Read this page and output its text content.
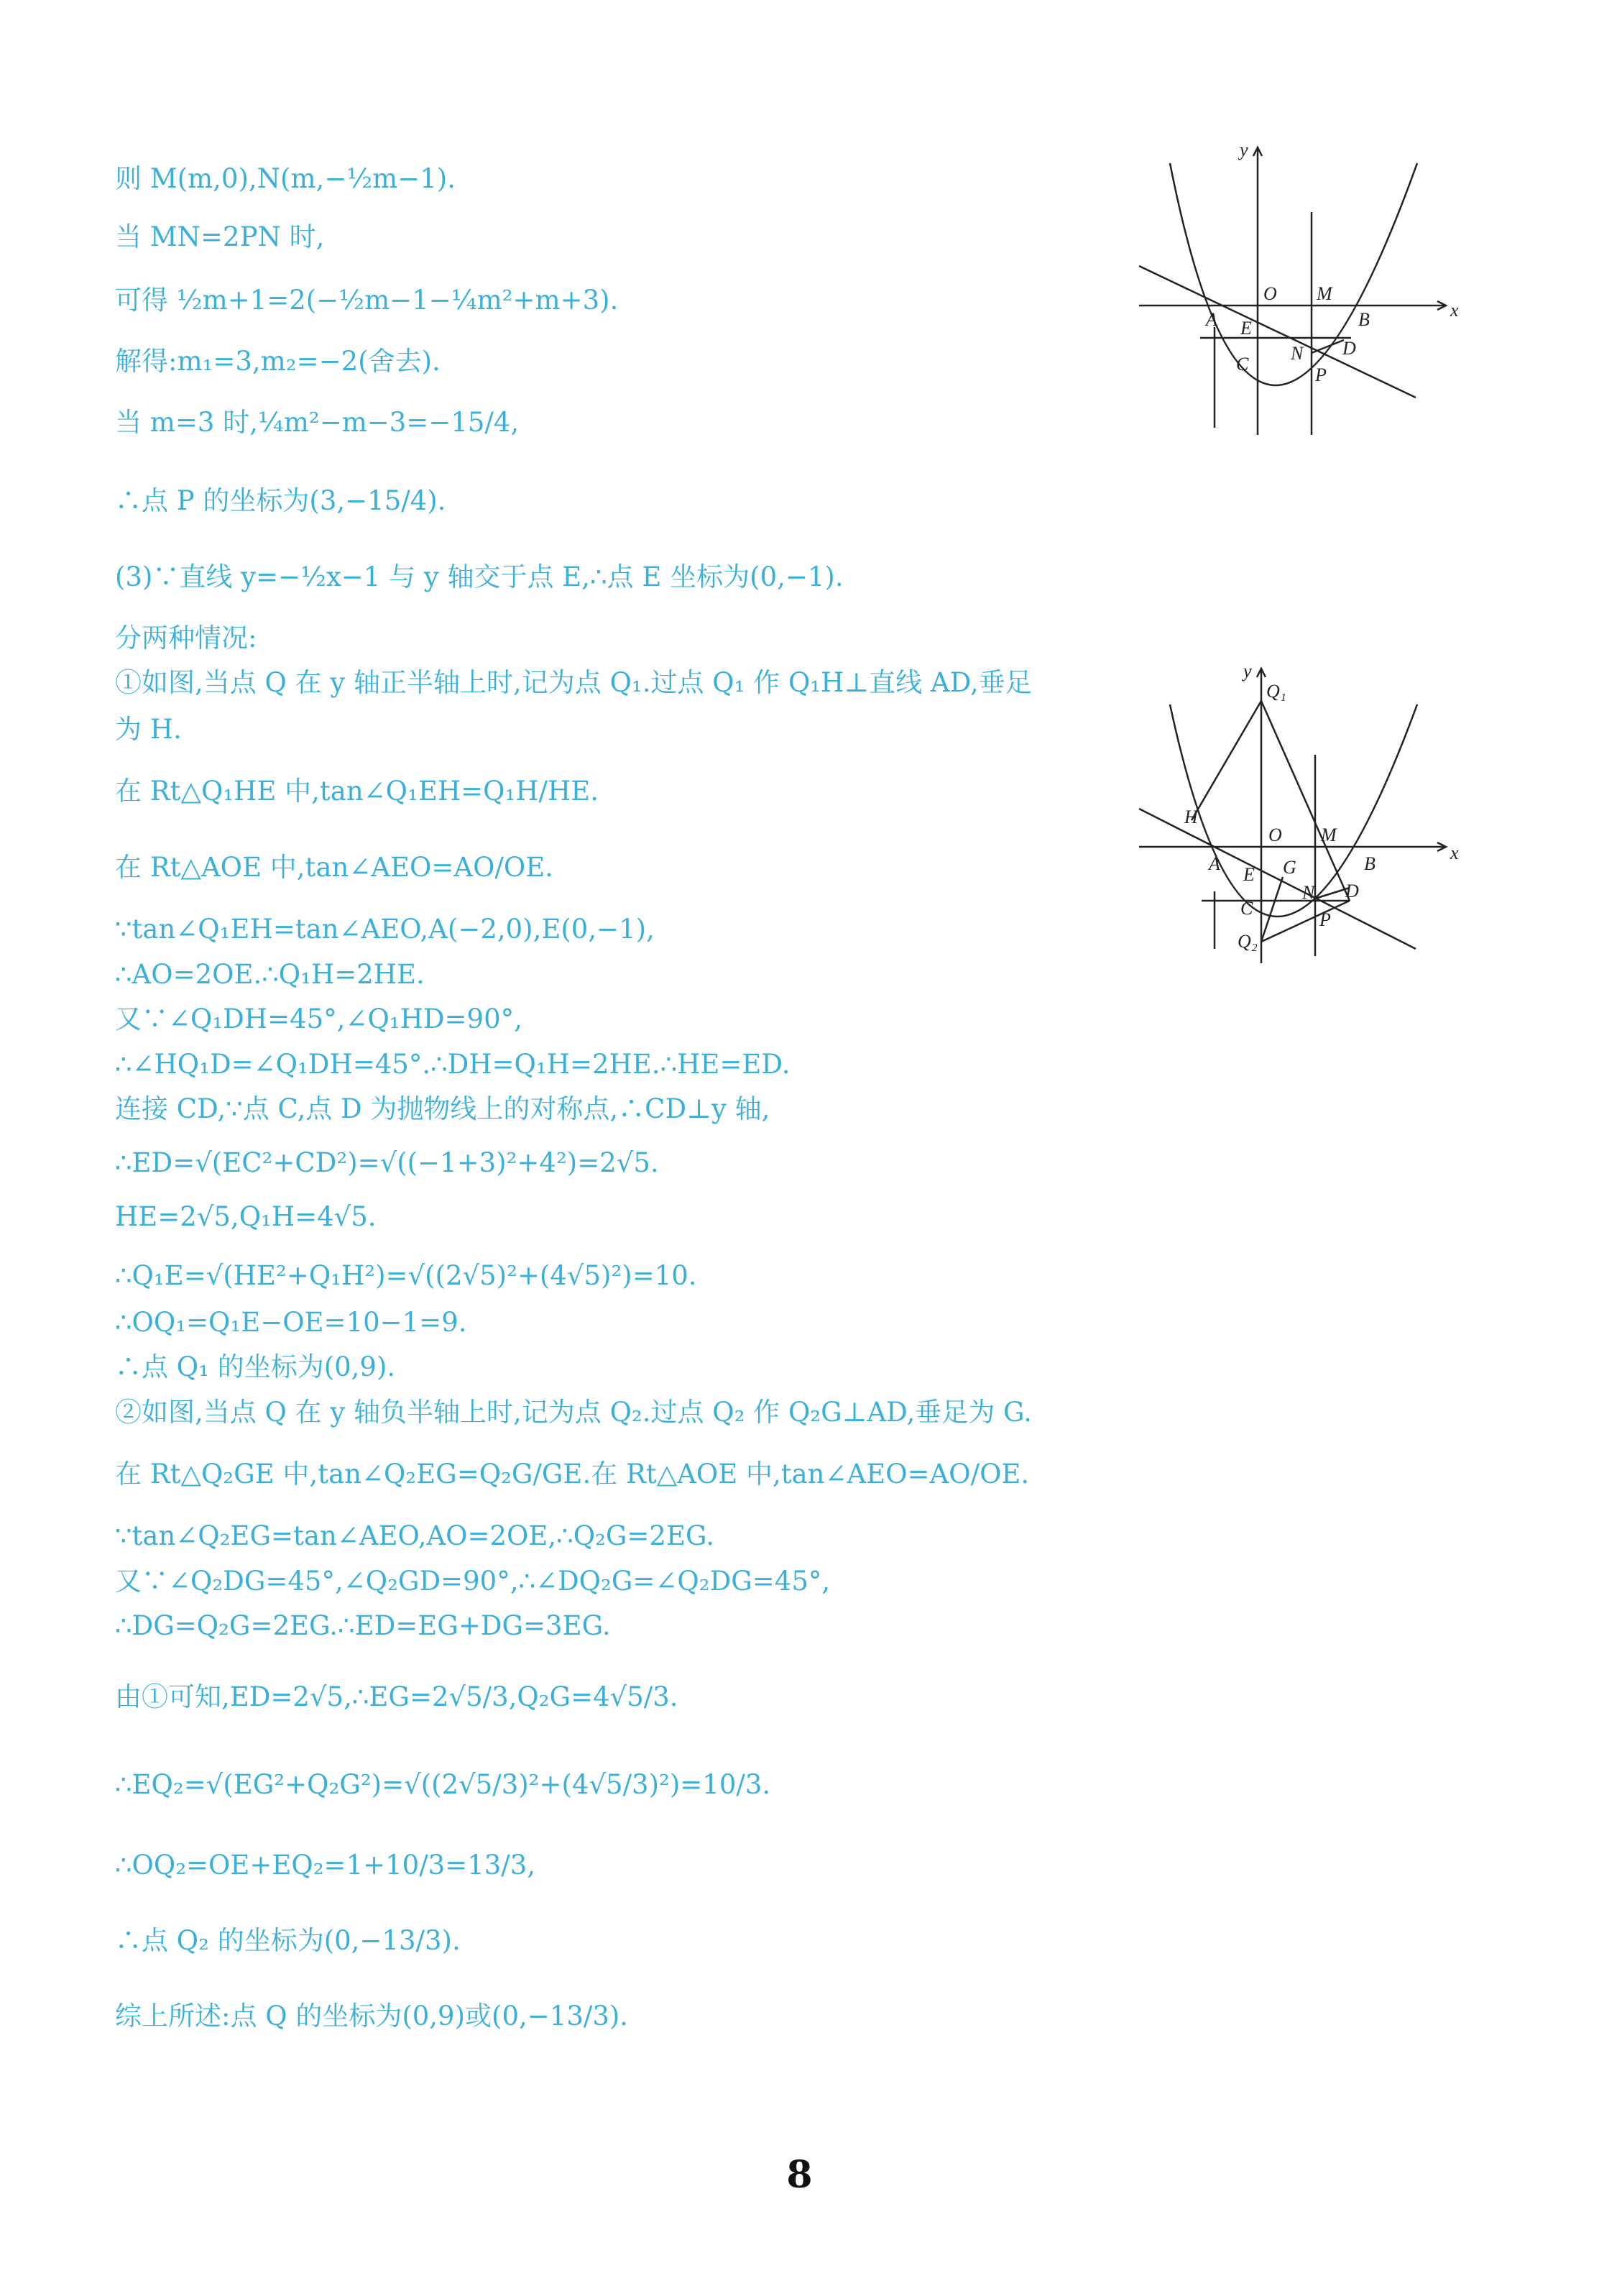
则 M(m,0),N(m,−½m−1).
当 MN=2PN 时,
可得 ½m+1=2(−½m−1−¼m²+m+3).
解得:m₁=3,m₂=−2(舍去).
当 m=3 时,¼m²−m−3=−15/4,
∴点 P 的坐标为(3,−15/4).
(3)∵直线 y=−½x−1 与 y 轴交于点 E,∴点 E 坐标为(0,−1).
分两种情况:
①如图,当点 Q 在 y 轴正半轴上时,记为点 Q₁.过点 Q₁ 作 Q₁H⊥直线 AD,垂足
为 H.
在 Rt△Q₁HE 中,tan∠Q₁EH=Q₁H/HE.
在 Rt△AOE 中,tan∠AEO=AO/OE.
∵tan∠Q₁EH=tan∠AEO,A(−2,0),E(0,−1),
∴AO=2OE.∴Q₁H=2HE.
又∵∠Q₁DH=45°,∠Q₁HD=90°,
∴∠HQ₁D=∠Q₁DH=45°.∴DH=Q₁H=2HE.∴HE=ED.
连接 CD,∵点 C,点 D 为抛物线上的对称点,∴CD⊥y 轴,
∴ED=√(EC²+CD²)=√((−1+3)²+4²)=2√5.
HE=2√5,Q₁H=4√5.
∴Q₁E=√(HE²+Q₁H²)=√((2√5)²+(4√5)²)=10.
∴OQ₁=Q₁E−OE=10−1=9.
∴点 Q₁ 的坐标为(0,9).
②如图,当点 Q 在 y 轴负半轴上时,记为点 Q₂.过点 Q₂ 作 Q₂G⊥AD,垂足为 G.
在 Rt△Q₂GE 中,tan∠Q₂EG=Q₂G/GE.在 Rt△AOE 中,tan∠AEO=AO/OE.
∵tan∠Q₂EG=tan∠AEO,AO=2OE,∴Q₂G=2EG.
又∵∠Q₂DG=45°,∠Q₂GD=90°,∴∠DQ₂G=∠Q₂DG=45°,
∴DG=Q₂G=2EG.∴ED=EG+DG=3EG.
由①可知,ED=2√5,∴EG=2√5/3,Q₂G=4√5/3.
∴EQ₂=√(EG²+Q₂G²)=√((2√5/3)²+(4√5/3)²)=10/3.
∴OQ₂=OE+EQ₂=1+10/3=13/3,
∴点 Q₂ 的坐标为(0,−13/3).
综上所述:点 Q 的坐标为(0,9)或(0,−13/3).
y
x
O M
A	B
E
C
N D
P
y
Q₁
x
H
O M
A	B
E G
N D
C
Q₂
P
8
